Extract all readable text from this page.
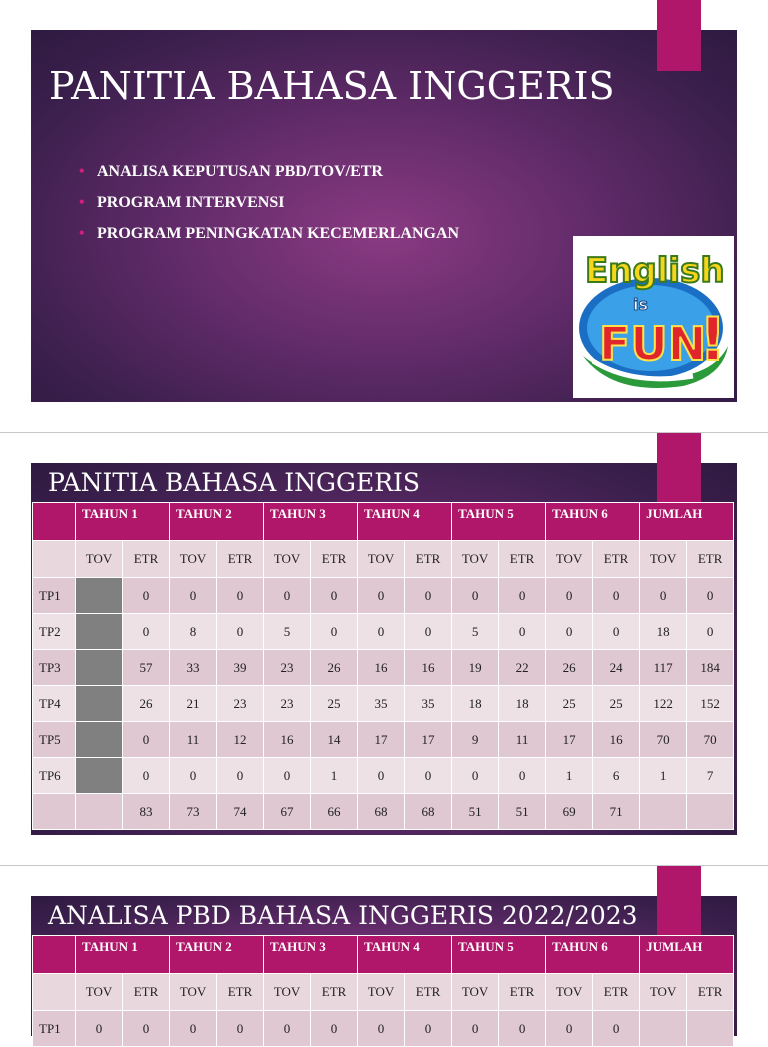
PANITIA BAHASA INGGERIS
• ANALISA KEPUTUSAN PBD/TOV/ETR
• PROGRAM INTERVENSI
• PROGRAM PENINGKATAN KECEMERLANGAN
English
is
FUN
!
PANITIA BAHASA INGGERIS
	TAHUN 1		TAHUN 2		TAHUN 3		TAHUN 4		TAHUN 5		TAHUN 6		JUMLAH	
	TOV	ETR	TOV	ETR	TOV	ETR	TOV	ETR	TOV	ETR	TOV	ETR	TOV	ETR
TP1		0	0	0	0	0	0	0	0	0	0	0	0	0
TP2		0	8	0	5	0	0	0	5	0	0	0	18	0
TP3		57	33	39	23	26	16	16	19	22	26	24	117	184
TP4		26	21	23	23	25	35	35	18	18	25	25	122	152
TP5		0	11	12	16	14	17	17	9	11	17	16	70	70
TP6		0	0	0	0	1	0	0	0	0	1	6	1	7
		83	73	74	67	66	68	68	51	51	69	71		
ANALISA PBD BAHASA INGGERIS 2022/2023
	TAHUN 1		TAHUN 2		TAHUN 3		TAHUN 4		TAHUN 5		TAHUN 6		JUMLAH	
	TOV	ETR	TOV	ETR	TOV	ETR	TOV	ETR	TOV	ETR	TOV	ETR	TOV	ETR
TP1	0	0	0	0	0	0	0	0	0	0	0	0		
